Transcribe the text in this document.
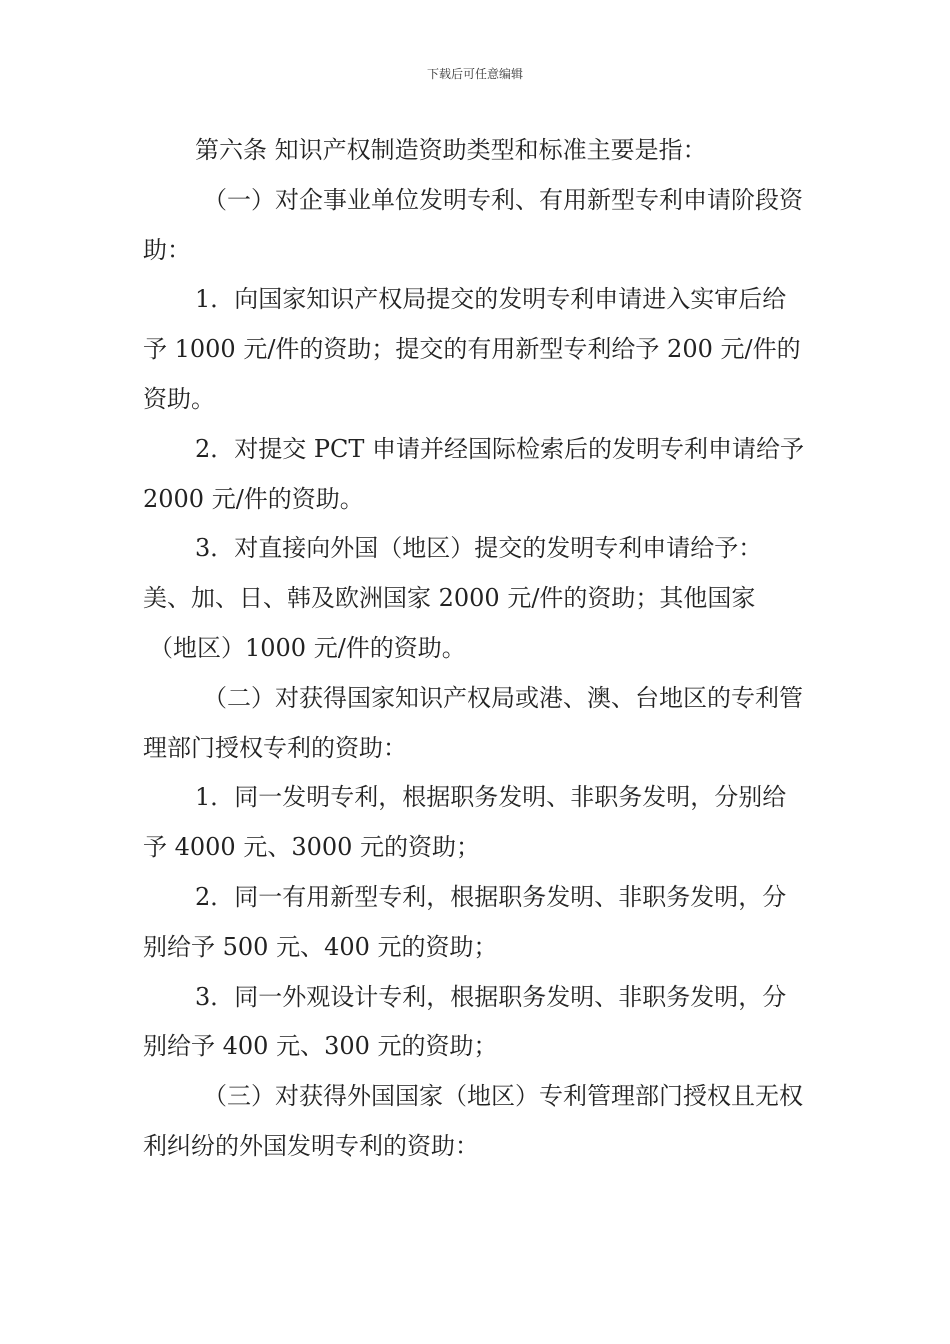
下载后可任意编辑

第六条 知识产权制造资助类型和标准主要是指：

（一）对企事业单位发明专利、有用新型专利申请阶段资助：

1．向国家知识产权局提交的发明专利申请进入实审后给予 1000 元/件的资助；提交的有用新型专利给予 200 元/件的资助。

2．对提交 PCT 申请并经国际检索后的发明专利申请给予 2000 元/件的资助。

3．对直接向外国（地区）提交的发明专利申请给予：美、加、日、韩及欧洲国家 2000 元/件的资助；其他国家

（地区）1000 元/件的资助。

（二）对获得国家知识产权局或港、澳、台地区的专利管理部门授权专利的资助：

1．同一发明专利，根据职务发明、非职务发明，分别给予 4000 元、3000 元的资助；

2．同一有用新型专利，根据职务发明、非职务发明，分别给予 500 元、400 元的资助；

3．同一外观设计专利，根据职务发明、非职务发明，分别给予 400 元、300 元的资助；

（三）对获得外国国家（地区）专利管理部门授权且无权利纠纷的外国发明专利的资助：
